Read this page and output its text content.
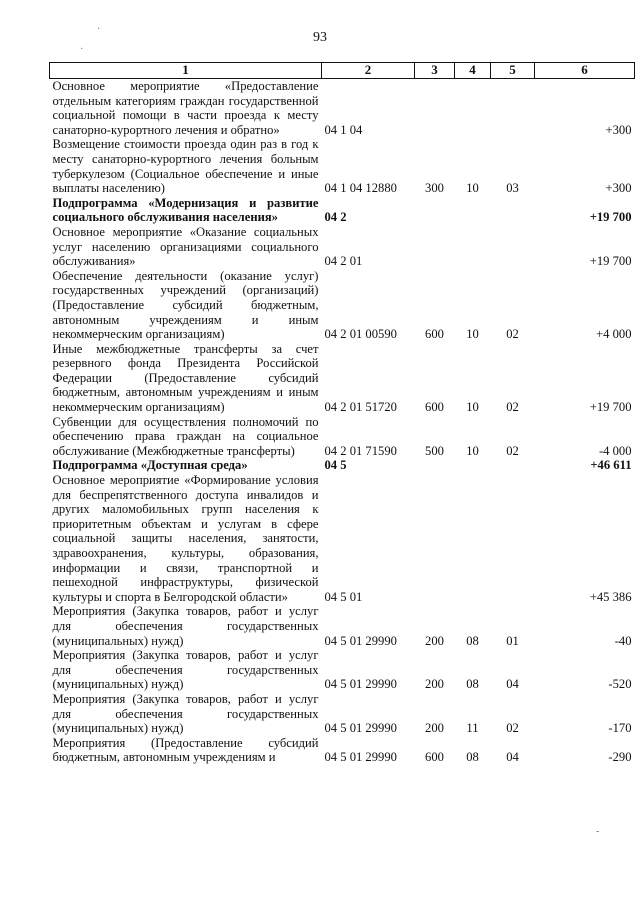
93
·
·
1	2	3	4	5	6
Основное мероприятие «Предоставление отдельным категориям граждан государственной социальной помощи в части проезда к месту санаторно-курортного лечения и обратно»	04 1 04				+300
Возмещение стоимости проезда один раз в год к месту санаторно-курортного лечения больным туберкулезом (Социальное обеспечение и иные выплаты населению)	04 1 04 12880	300	10	03	+300
Подпрограмма «Модернизация и развитие социального обслуживания населения»	04 2				+19 700
Основное мероприятие «Оказание социальных услуг населению организациями социального обслуживания»	04 2 01				+19 700
Обеспечение деятельности (оказание услуг) государственных учреждений (организаций) (Предоставление субсидий бюджетным, автономным учреждениям и иным некоммерческим организациям)	04 2 01 00590	600	10	02	+4 000
Иные межбюджетные трансферты за счет резервного фонда Президента Российской Федерации (Предоставление субсидий бюджетным, автономным учреждениям и иным некоммерческим организациям)	04 2 01 51720	600	10	02	+19 700
Субвенции для осуществления полномочий по обеспечению права граждан на социальное обслуживание (Межбюджетные трансферты)	04 2 01 71590	500	10	02	-4 000
Подпрограмма «Доступная среда»	04 5				+46 611
Основное мероприятие «Формирование условия для беспрепятственного доступа инвалидов и других маломобильных групп населения к приоритетным объектам и услугам в сфере социальной защиты населения, занятости, здравоохранения, культуры, образования, информации и связи, транспортной и пешеходной инфраструктуры, физической культуры и спорта в Белгородской области»	04 5 01				+45 386
Мероприятия (Закупка товаров, работ и услуг для обеспечения государственных (муниципальных) нужд)	04 5 01 29990	200	08	01	-40
Мероприятия (Закупка товаров, работ и услуг для обеспечения государственных (муниципальных) нужд)	04 5 01 29990	200	08	04	-520
Мероприятия (Закупка товаров, работ и услуг для обеспечения государственных (муниципальных) нужд)	04 5 01 29990	200	11	02	-170
Мероприятия (Предоставление субсидий бюджетным, автономным учреждениям и	04 5 01 29990	600	08	04	-290
-
